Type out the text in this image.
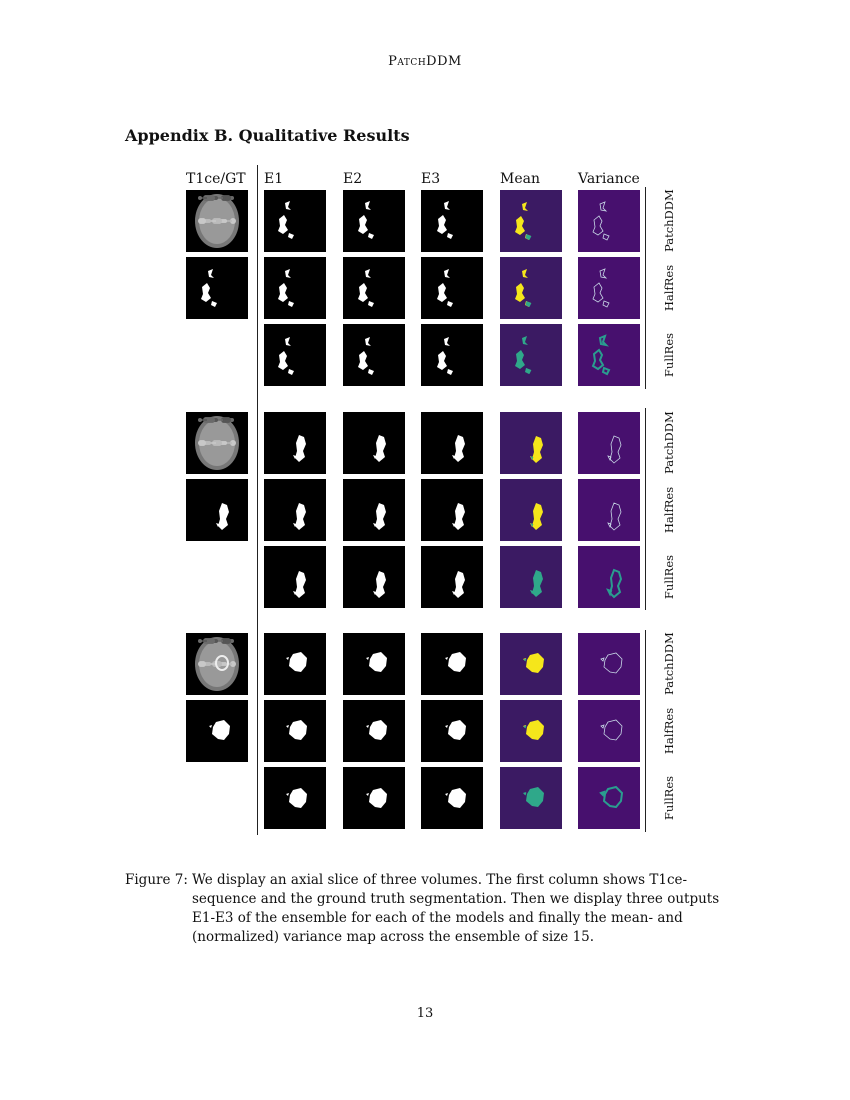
PatchDDM
Appendix B. Qualitative Results
T1ce/GT E1	E2	E3	Mean	Variance
PatchDDM
HalfRes
FullRes
PatchDDM
HalfRes
FullRes
PatchDDM
HalfRes
FullRes
Figure 7: We display an axial slice of three volumes. The first column shows T1ce-sequence and the ground truth segmentation. Then we display three outputs E1-E3 of the ensemble for each of the models and finally the mean- and (normalized) variance map across the ensemble of size 15.
13
